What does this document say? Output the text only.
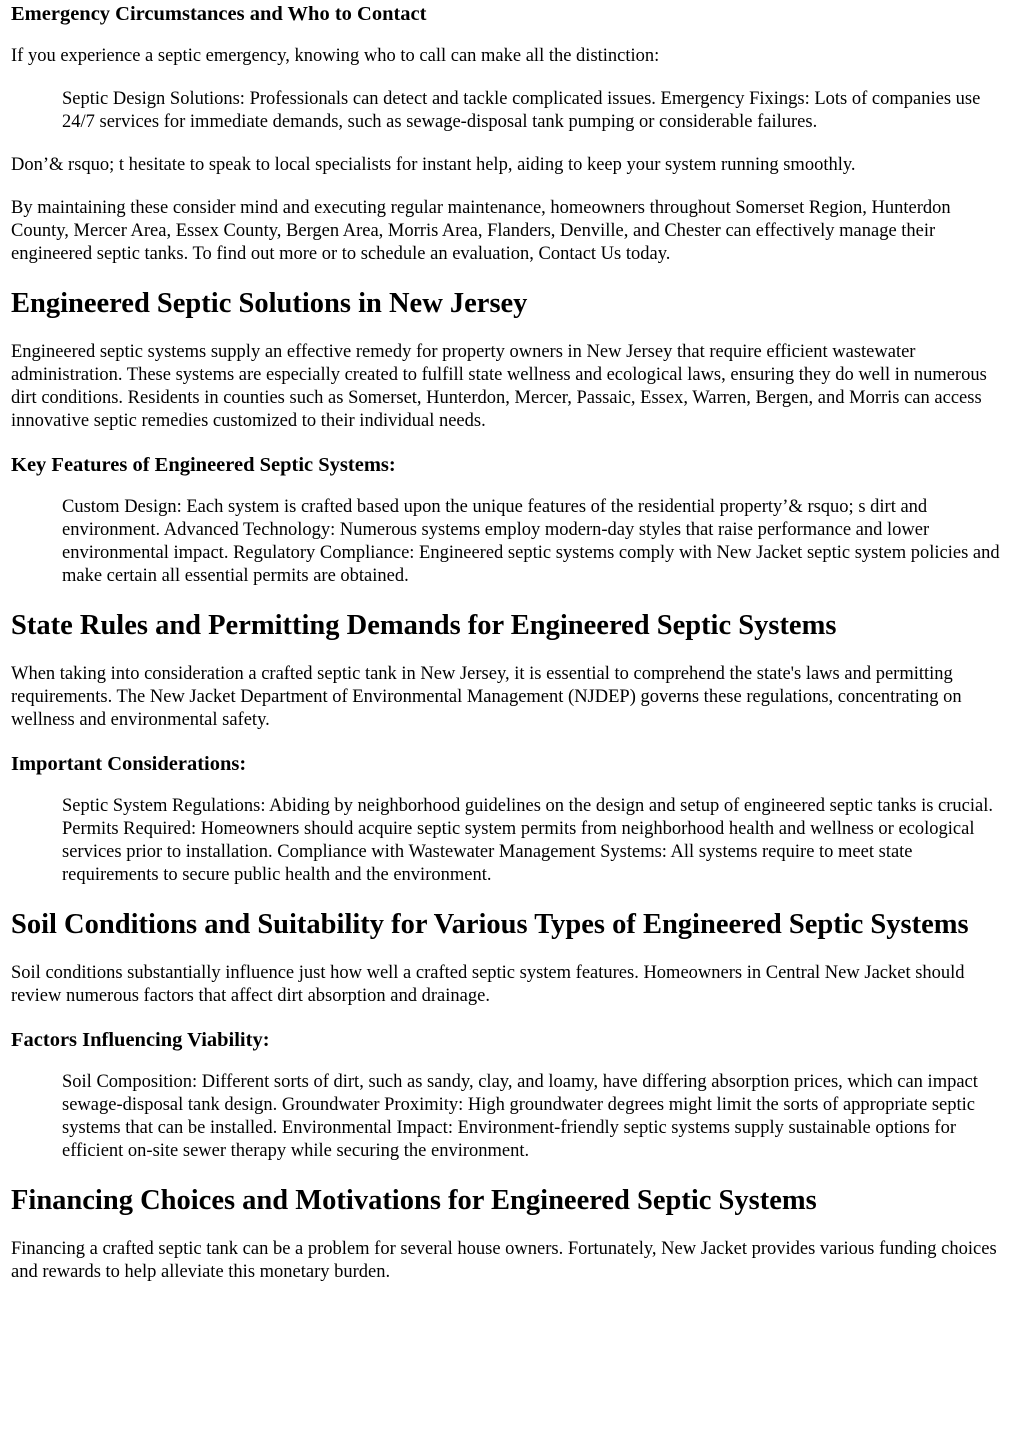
Emergency Circumstances and Who to Contact

If you experience a septic emergency, knowing who to call can make all the distinction:

Septic Design Solutions: Professionals can detect and tackle complicated issues. Emergency Fixings: Lots of companies use 24/7 services for immediate demands, such as sewage-disposal tank pumping or considerable failures.

Don’& rsquo; t hesitate to speak to local specialists for instant help, aiding to keep your system running smoothly.

By maintaining these consider mind and executing regular maintenance, homeowners throughout Somerset Region, Hunterdon County, Mercer Area, Essex County, Bergen Area, Morris Area, Flanders, Denville, and Chester can effectively manage their engineered septic tanks. To find out more or to schedule an evaluation, Contact Us today.

Engineered Septic Solutions in New Jersey

Engineered septic systems supply an effective remedy for property owners in New Jersey that require efficient wastewater administration. These systems are especially created to fulfill state wellness and ecological laws, ensuring they do well in numerous dirt conditions. Residents in counties such as Somerset, Hunterdon, Mercer, Passaic, Essex, Warren, Bergen, and Morris can access innovative septic remedies customized to their individual needs.

Key Features of Engineered Septic Systems:
Custom Design: Each system is crafted based upon the unique features of the residential property’& rsquo; s dirt and environment. Advanced Technology: Numerous systems employ modern-day styles that raise performance and lower environmental impact. Regulatory Compliance: Engineered septic systems comply with New Jacket septic system policies and make certain all essential permits are obtained.
State Rules and Permitting Demands for Engineered Septic Systems

When taking into consideration a crafted septic tank in New Jersey, it is essential to comprehend the state's laws and permitting requirements. The New Jacket Department of Environmental Management (NJDEP) governs these regulations, concentrating on wellness and environmental safety.

Important Considerations:
Septic System Regulations: Abiding by neighborhood guidelines on the design and setup of engineered septic tanks is crucial. Permits Required: Homeowners should acquire septic system permits from neighborhood health and wellness or ecological services prior to installation. Compliance with Wastewater Management Systems: All systems require to meet state requirements to secure public health and the environment.
Soil Conditions and Suitability for Various Types of Engineered Septic Systems

Soil conditions substantially influence just how well a crafted septic system features. Homeowners in Central New Jacket should review numerous factors that affect dirt absorption and drainage.

Factors Influencing Viability:
Soil Composition: Different sorts of dirt, such as sandy, clay, and loamy, have differing absorption prices, which can impact sewage-disposal tank design. Groundwater Proximity: High groundwater degrees might limit the sorts of appropriate septic systems that can be installed. Environmental Impact: Environment-friendly septic systems supply sustainable options for efficient on-site sewer therapy while securing the environment.
Financing Choices and Motivations for Engineered Septic Systems

Financing a crafted septic tank can be a problem for several house owners. Fortunately, New Jacket provides various funding choices and rewards to help alleviate this monetary burden.
